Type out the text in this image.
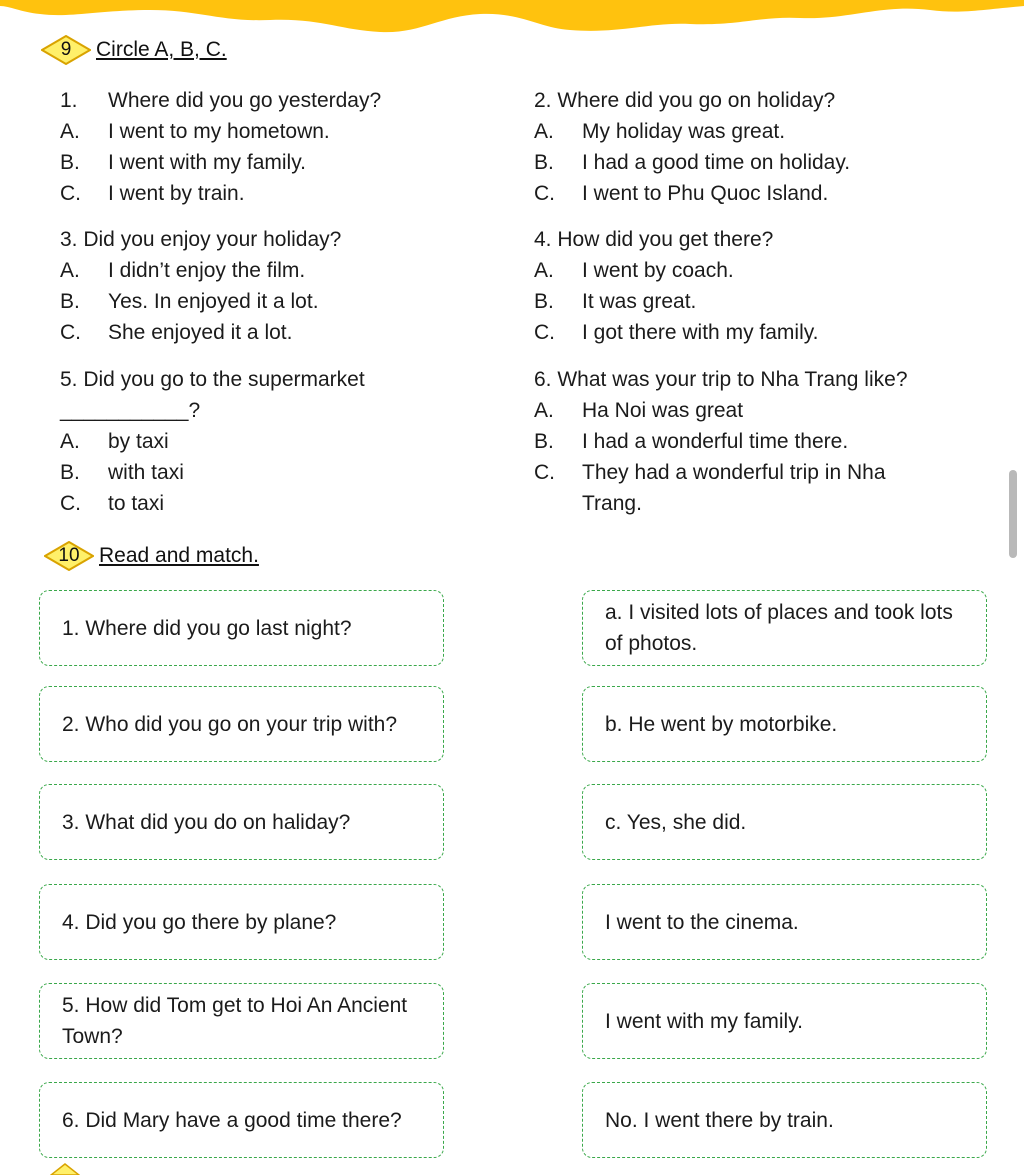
9	Circle A, B, C.
1.	Where did you go yesterday?
A.	I went to my hometown.
B.	I went with my family.
C.	I went by train.
2. Where did you go on holiday?
A.	My holiday was great.
B.	I had a good time on holiday.
C.	I went to Phu Quoc Island.
3. Did you enjoy your holiday?
A.	I didn’t enjoy the film.
B.	Yes. In enjoyed it a lot.
C.	She enjoyed it a lot.
4. How did you get there?
A.	I went by coach.
B.	It was great.
C.	I got there with my family.
5. Did you go to the supermarket
___________?
A.	by taxi
B.	with taxi
C.	to taxi
6. What was your trip to Nha Trang like?
A.	Ha Noi was great
B.	I had a wonderful time there.
C.	They had a wonderful trip in Nha Trang.
10 Read and match.
1. Where did you go last night?
2. Who did you go on your trip with?
3. What did you do on haliday?
4. Did you go there by plane?
5. How did Tom get to Hoi An Ancient Town?
6. Did Mary have a good time there?
a. I visited lots of places and took lots of photos.
b. He went by motorbike.
c. Yes, she did.
I went to the cinema.
I went with my family.
No. I went there by train.
